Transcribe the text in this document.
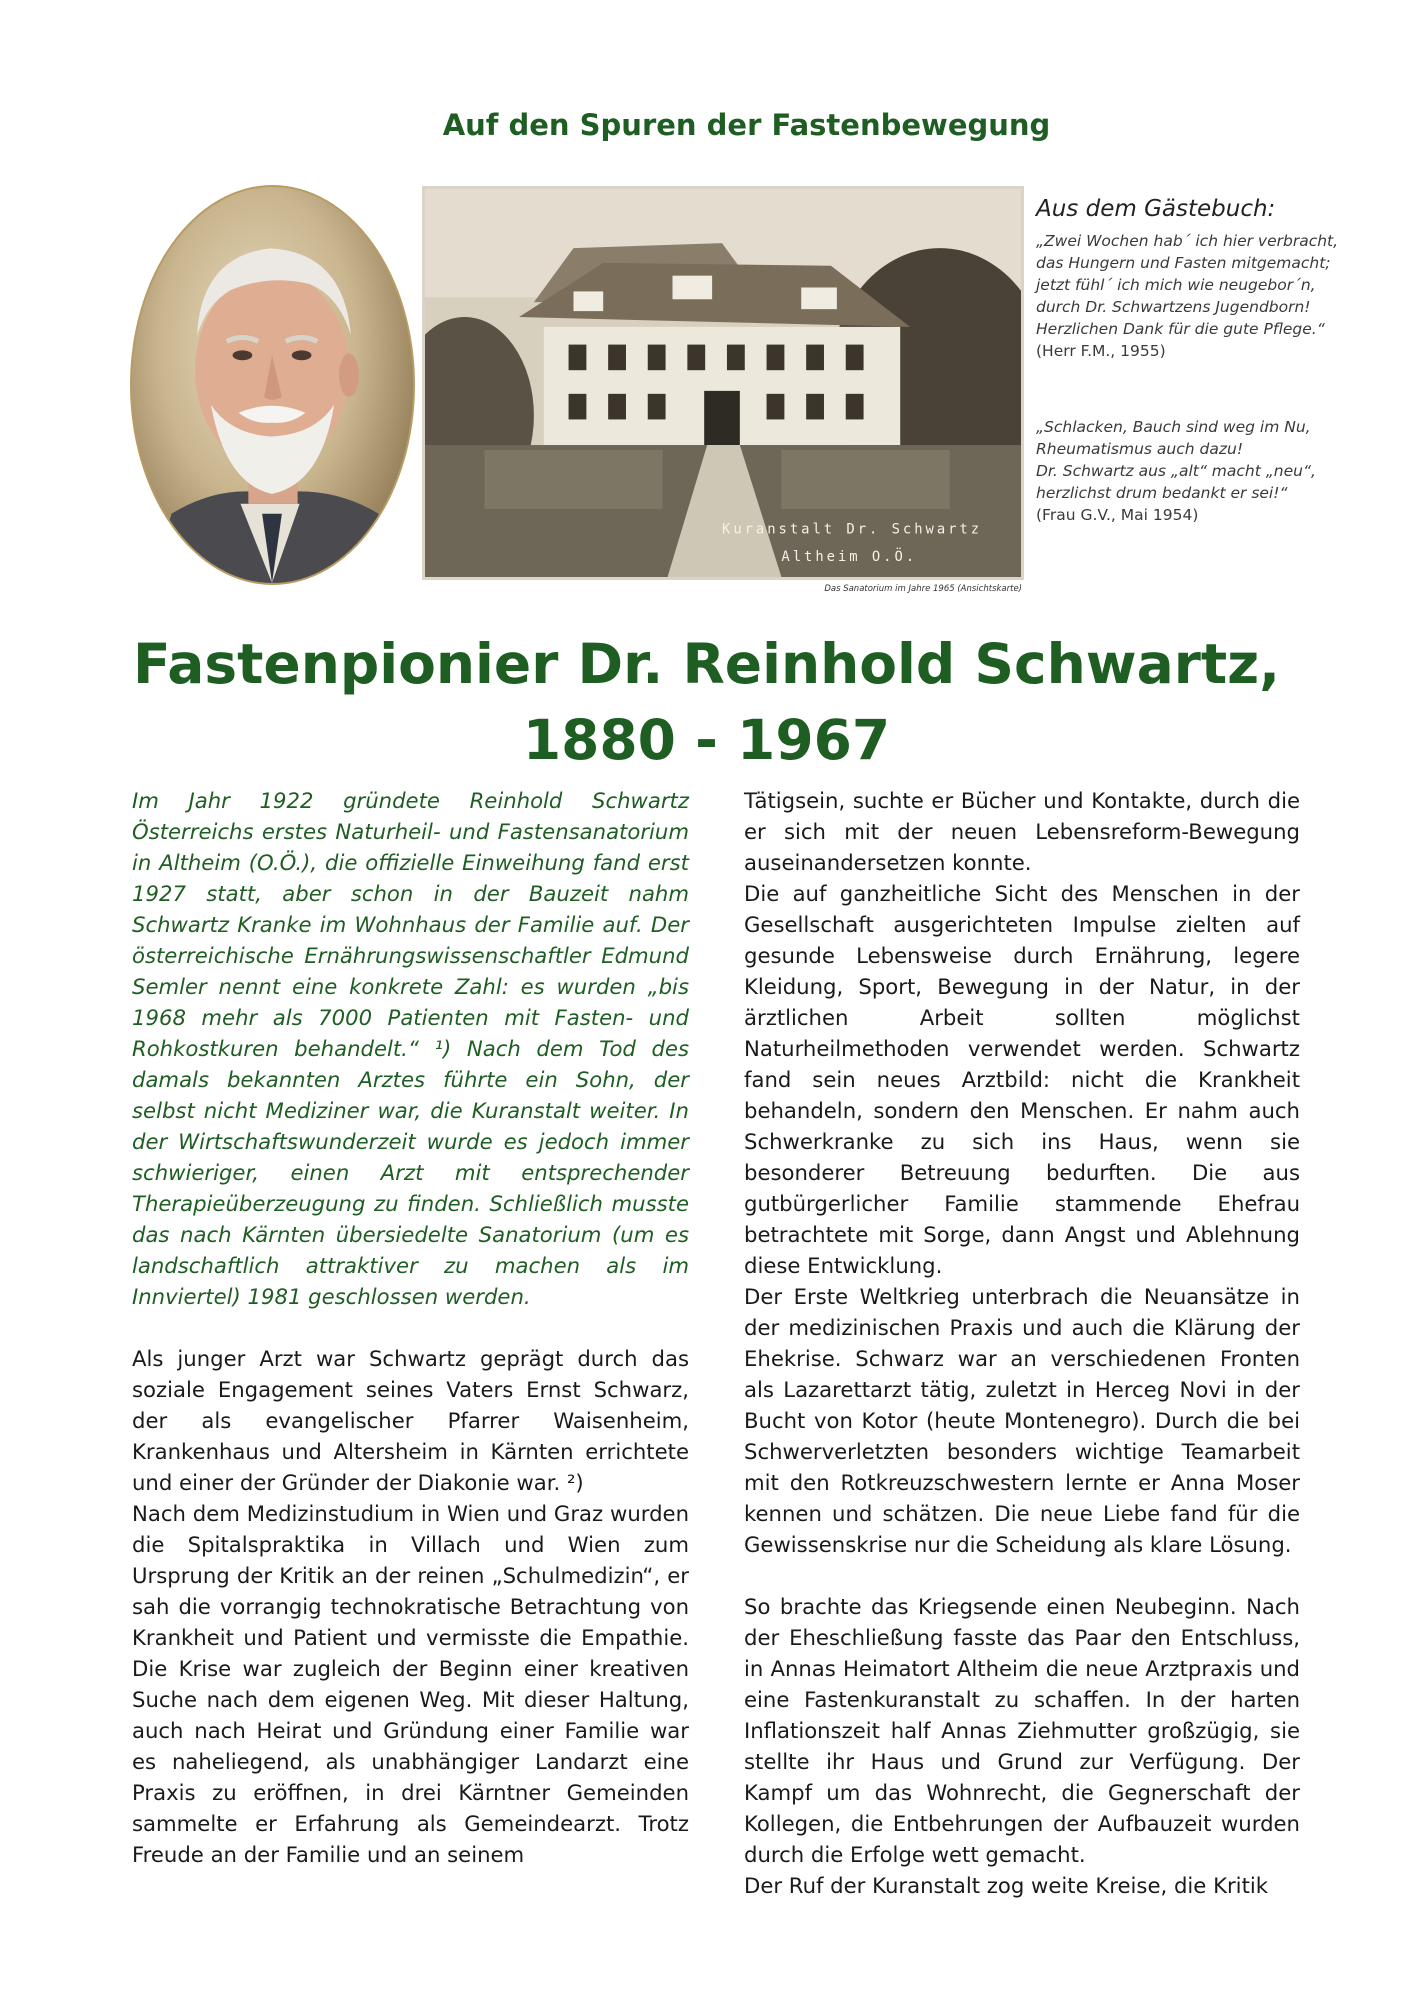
Auf den Spuren der Fastenbewegung
Kuranstalt Dr. Schwartz
Altheim O.Ö.
Das Sanatorium im Jahre 1965 (Ansichtskarte)
Aus dem Gästebuch:

„Zwei Wochen hab´ ich hier verbracht,

das Hungern und Fasten mitgemacht;

jetzt fühl´ ich mich wie neugebor´n,

durch Dr. Schwartzens Jugendborn!

Herzlichen Dank für die gute Pflege.“

(Herr F.M., 1955)

„Schlacken, Bauch sind weg im Nu,

Rheumatismus auch dazu!

Dr. Schwartz aus „alt“ macht „neu“,

herzlichst drum bedankt er sei!“

(Frau G.V., Mai 1954)

Fastenpionier Dr. Reinhold Schwartz,
1880 - 1967

Im Jahr 1922 gründete Reinhold Schwartz Österreichs erstes Naturheil- und Fastensanatorium in Altheim (O.Ö.), die offizielle Einweihung fand erst 1927 statt, aber schon in der Bauzeit nahm Schwartz Kranke im Wohnhaus der Familie auf. Der österreichische Ernährungswissenschaftler Edmund Semler nennt eine konkrete Zahl: es wurden „bis 1968 mehr als 7000 Patienten mit Fasten- und Rohkostkuren behandelt.“ ¹) Nach dem Tod des damals bekannten Arztes führte ein Sohn, der selbst nicht Mediziner war, die Kuranstalt weiter. In der Wirtschaftswunderzeit wurde es jedoch immer schwieriger, einen Arzt mit entsprechender Therapieüberzeugung zu finden. Schließlich musste das nach Kärnten übersiedelte Sanatorium (um es landschaftlich attraktiver zu machen als im Innviertel) 1981 geschlossen werden.

Als junger Arzt war Schwartz geprägt durch das soziale Engagement seines Vaters Ernst Schwarz, der als evangelischer Pfarrer Waisenheim, Krankenhaus und Altersheim in Kärnten errichtete und einer der Gründer der Diakonie war. ²)

Nach dem Medizinstudium in Wien und Graz wurden die Spitalspraktika in Villach und Wien zum Ursprung der Kritik an der reinen „Schulmedizin“, er sah die vorrangig technokratische Betrachtung von Krankheit und Patient und vermisste die Empathie. Die Krise war zugleich der Beginn einer kreativen Suche nach dem eigenen Weg. Mit dieser Haltung, auch nach Heirat und Gründung einer Familie war es naheliegend, als unabhängiger Landarzt eine Praxis zu eröffnen, in drei Kärntner Gemeinden sammelte er Erfahrung als Gemeindearzt. Trotz Freude an der Familie und an seinem

Tätigsein, suchte er Bücher und Kontakte, durch die er sich mit der neuen Lebensreform-Bewegung auseinandersetzen konnte.

Die auf ganzheitliche Sicht des Menschen in der Gesellschaft ausgerichteten Impulse zielten auf gesunde Lebensweise durch Ernährung, legere Kleidung, Sport, Bewegung in der Natur, in der ärztlichen Arbeit sollten möglichst Naturheilmethoden verwendet werden. Schwartz fand sein neues Arztbild: nicht die Krankheit behandeln, sondern den Menschen. Er nahm auch Schwerkranke zu sich ins Haus, wenn sie besonderer Betreuung bedurften. Die aus gutbürgerlicher Familie stammende Ehefrau betrachtete mit Sorge, dann Angst und Ablehnung diese Entwicklung.

Der Erste Weltkrieg unterbrach die Neuansätze in der medizinischen Praxis und auch die Klärung der Ehekrise. Schwarz war an verschiedenen Fronten als Lazarettarzt tätig, zuletzt in Herceg Novi in der Bucht von Kotor (heute Montenegro). Durch die bei Schwerverletzten besonders wichtige Teamarbeit mit den Rotkreuzschwestern lernte er Anna Moser kennen und schätzen. Die neue Liebe fand für die Gewissenskrise nur die Scheidung als klare Lösung.

So brachte das Kriegsende einen Neubeginn. Nach der Eheschließung fasste das Paar den Entschluss, in Annas Heimatort Altheim die neue Arztpraxis und eine Fastenkuranstalt zu schaffen. In der harten Inflationszeit half Annas Ziehmutter großzügig, sie stellte ihr Haus und Grund zur Verfügung. Der Kampf um das Wohnrecht, die Gegnerschaft der Kollegen, die Entbehrungen der Aufbauzeit wurden durch die Erfolge wett gemacht.

Der Ruf der Kuranstalt zog weite Kreise, die Kritik
